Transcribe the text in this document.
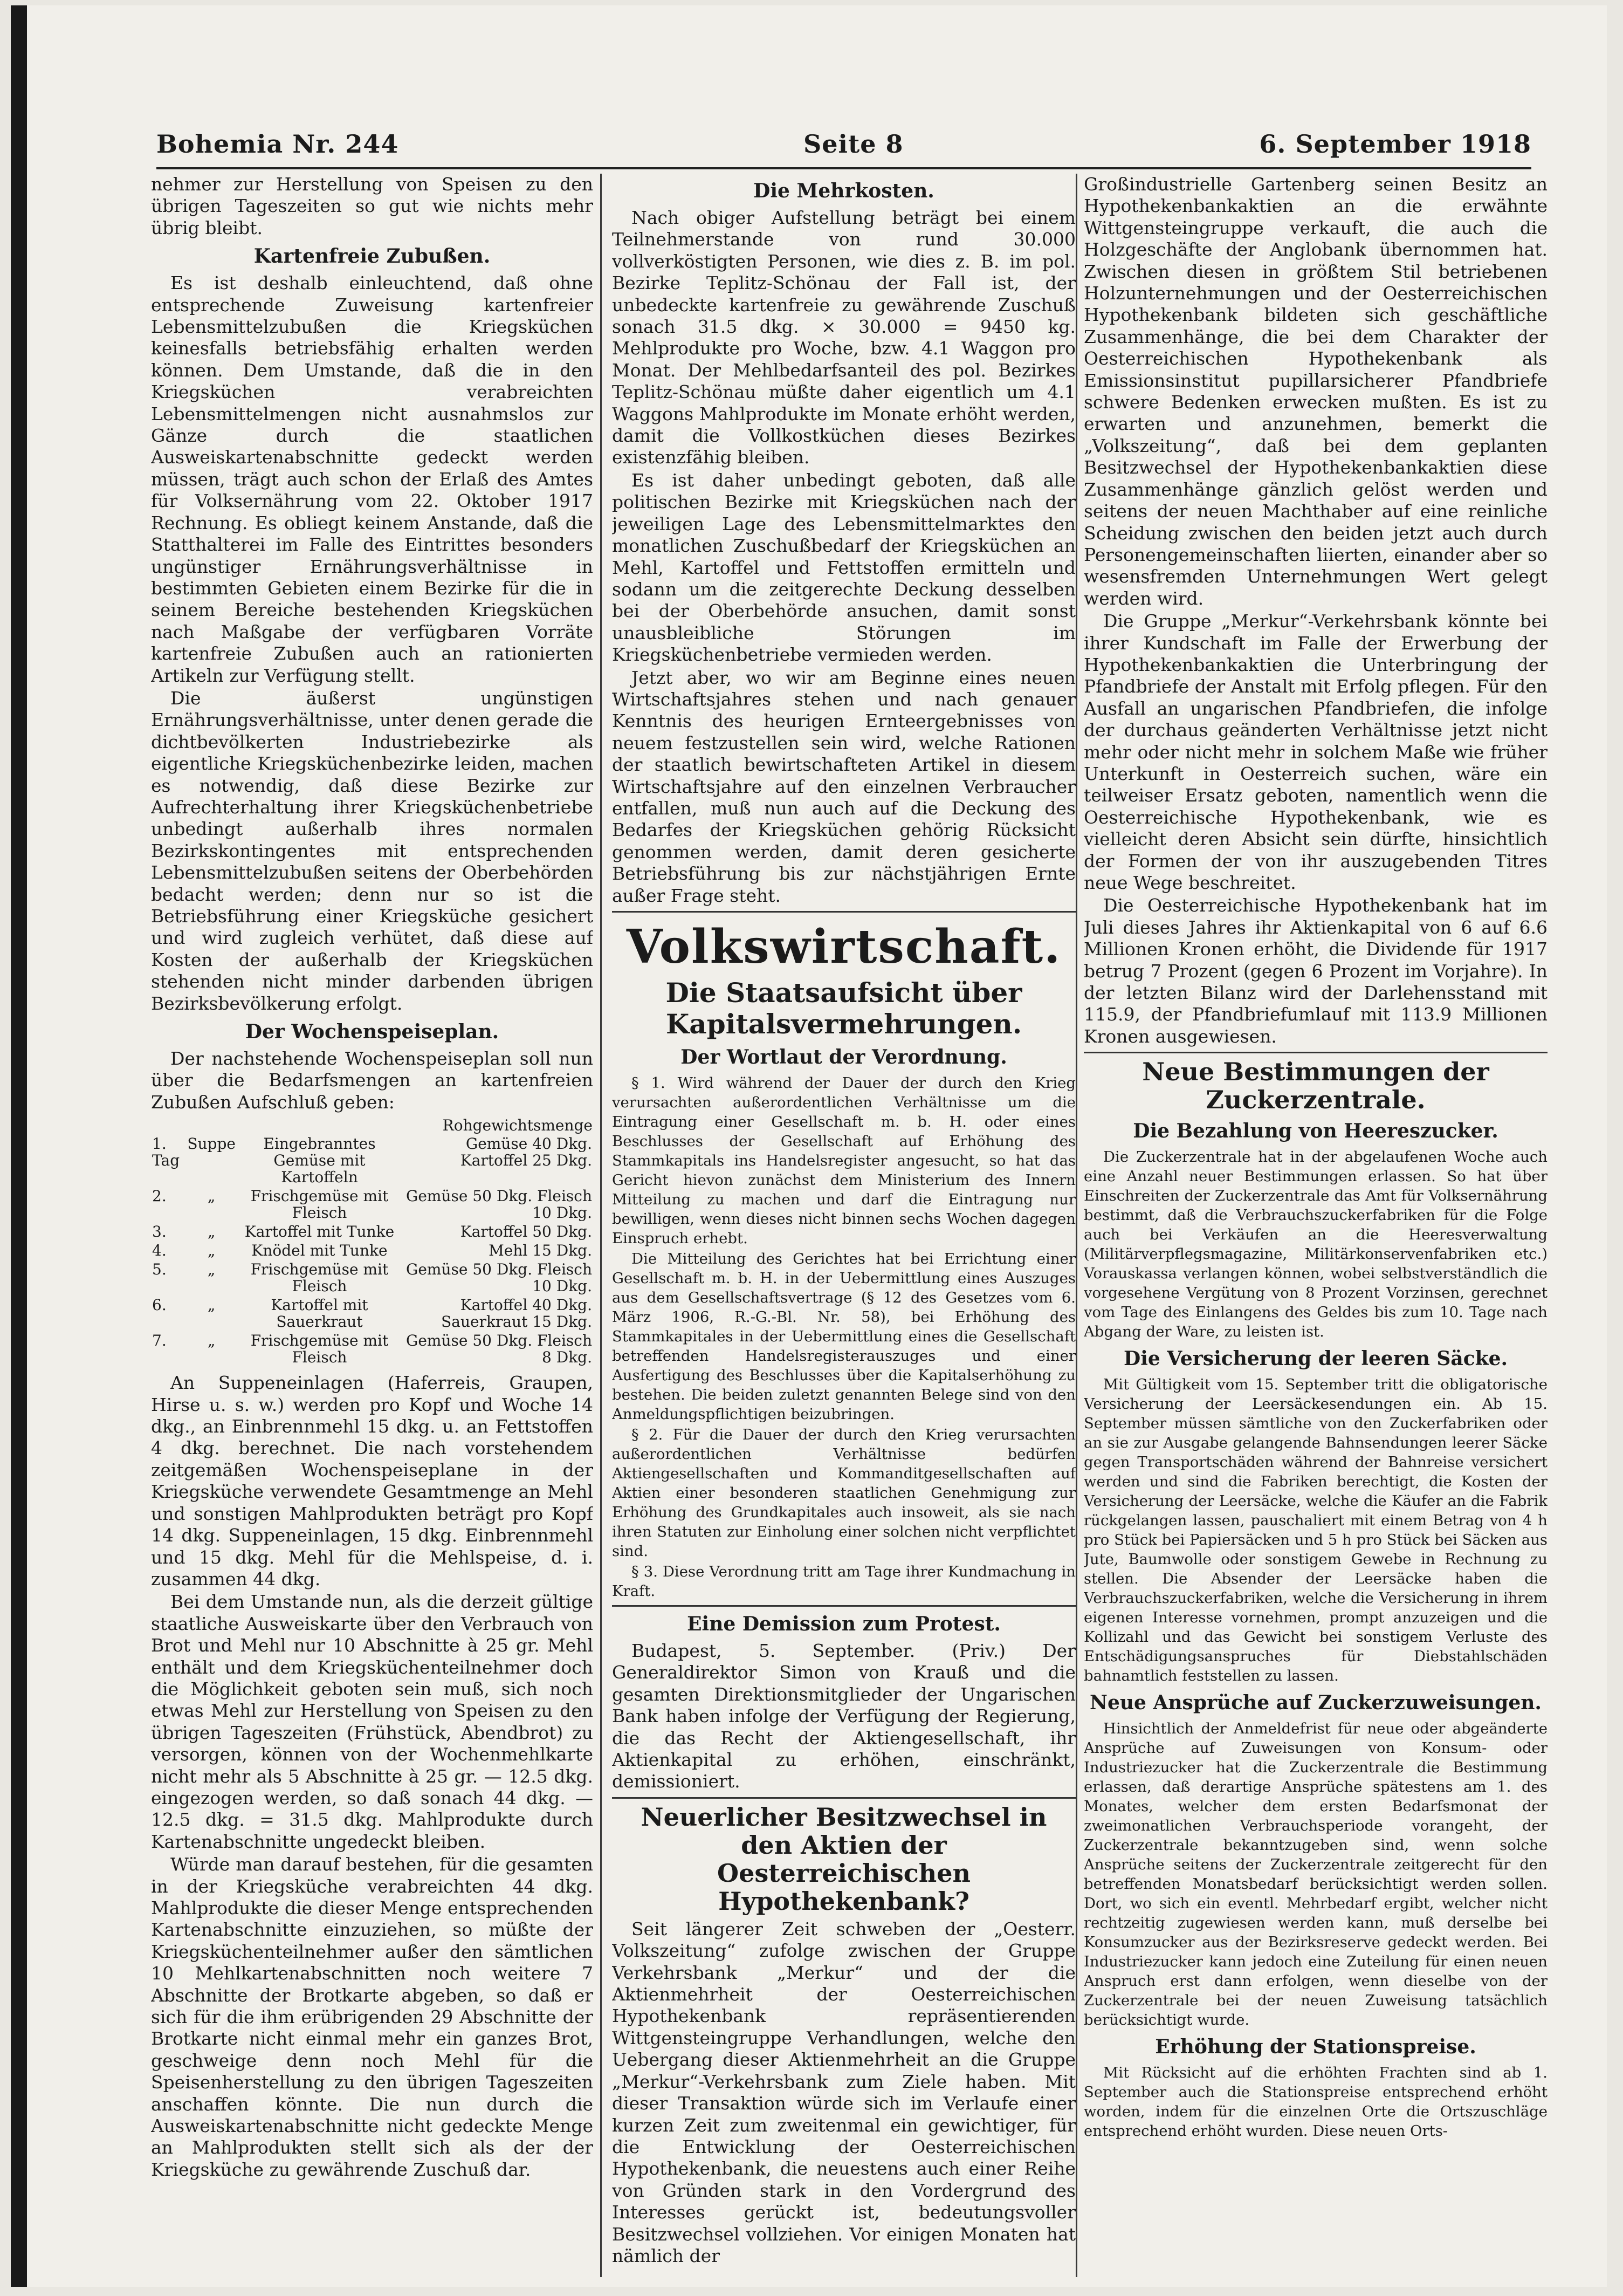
Bohemia Nr. 244	Seite 8	6. September 1918

nehmer zur Herstellung von Speisen zu den übrigen Tageszeiten so gut wie nichts mehr übrig bleibt.

Kartenfreie Zubußen.

Es ist deshalb einleuchtend, daß ohne entsprechende Zuweisung kartenfreier Lebensmittelzubußen die Kriegsküchen keinesfalls betriebsfähig erhalten werden können. Dem Umstande, daß die in den Kriegsküchen verabreichten Lebensmittelmengen nicht ausnahmslos zur Gänze durch die staatlichen Ausweiskartenabschnitte gedeckt werden müssen, trägt auch schon der Erlaß des Amtes für Volksernährung vom 22. Oktober 1917 Rechnung. Es obliegt keinem Anstande, daß die Statthalterei im Falle des Eintrittes besonders ungünstiger Ernährungsverhältnisse in bestimmten Gebieten einem Bezirke für die in seinem Bereiche bestehenden Kriegsküchen nach Maßgabe der verfügbaren Vorräte kartenfreie Zubußen auch an rationierten Artikeln zur Verfügung stellt.

Die äußerst ungünstigen Ernährungsverhältnisse, unter denen gerade die dichtbevölkerten Industriebezirke als eigentliche Kriegsküchenbezirke leiden, machen es notwendig, daß diese Bezirke zur Aufrechterhaltung ihrer Kriegsküchenbetriebe unbedingt außerhalb ihres normalen Bezirkskontingentes mit entsprechenden Lebensmittelzubußen seitens der Oberbehörden bedacht werden; denn nur so ist die Betriebsführung einer Kriegsküche gesichert und wird zugleich verhütet, daß diese auf Kosten der außerhalb der Kriegsküchen stehenden nicht minder darbenden übrigen Bezirksbevölkerung erfolgt.

Der Wochenspeiseplan.

Der nachstehende Wochenspeiseplan soll nun über die Bedarfsmengen an kartenfreien Zubußen Aufschluß geben:

			Rohgewichtsmenge
1. Tag	Suppe	Eingebranntes Gemüse mit Kartoffeln	Gemüse 40 Dkg. Kartoffel 25 Dkg.
2.	„	Frischgemüse mit Fleisch	Gemüse 50 Dkg. Fleisch 10 Dkg.
3.	„	Kartoffel mit Tunke	Kartoffel 50 Dkg.
4.	„	Knödel mit Tunke	Mehl 15 Dkg.
5.	„	Frischgemüse mit Fleisch	Gemüse 50 Dkg. Fleisch 10 Dkg.
6.	„	Kartoffel mit Sauerkraut	Kartoffel 40 Dkg. Sauerkraut 15 Dkg.
7.	„	Frischgemüse mit Fleisch	Gemüse 50 Dkg. Fleisch 8 Dkg.

An Suppeneinlagen (Haferreis, Graupen, Hirse u. s. w.) werden pro Kopf und Woche 14 dkg., an Einbrennmehl 15 dkg. u. an Fettstoffen 4 dkg. berechnet. Die nach vorstehendem zeitgemäßen Wochenspeiseplane in der Kriegsküche verwendete Gesamtmenge an Mehl und sonstigen Mahlprodukten beträgt pro Kopf 14 dkg. Suppeneinlagen, 15 dkg. Einbrennmehl und 15 dkg. Mehl für die Mehlspeise, d. i. zusammen 44 dkg.

Bei dem Umstande nun, als die derzeit gültige staatliche Ausweiskarte über den Verbrauch von Brot und Mehl nur 10 Abschnitte à 25 gr. Mehl enthält und dem Kriegsküchenteilnehmer doch die Möglichkeit geboten sein muß, sich noch etwas Mehl zur Herstellung von Speisen zu den übrigen Tageszeiten (Frühstück, Abendbrot) zu versorgen, können von der Wochenmehlkarte nicht mehr als 5 Abschnitte à 25 gr. — 12.5 dkg. eingezogen werden, so daß sonach 44 dkg. — 12.5 dkg. = 31.5 dkg. Mahlprodukte durch Kartenabschnitte ungedeckt bleiben.

Würde man darauf bestehen, für die gesamten in der Kriegsküche verabreichten 44 dkg. Mahlprodukte die dieser Menge entsprechenden Kartenabschnitte einzuziehen, so müßte der Kriegsküchenteilnehmer außer den sämtlichen 10 Mehlkartenabschnitten noch weitere 7 Abschnitte der Brotkarte abgeben, so daß er sich für die ihm erübrigenden 29 Abschnitte der Brotkarte nicht einmal mehr ein ganzes Brot, geschweige denn noch Mehl für die Speisenherstellung zu den übrigen Tageszeiten anschaffen könnte. Die nun durch die Ausweiskartenabschnitte nicht gedeckte Menge an Mahlprodukten stellt sich als der der Kriegsküche zu gewährende Zuschuß dar.

Die Mehrkosten.

Nach obiger Aufstellung beträgt bei einem Teilnehmerstande von rund 30.000 vollverköstigten Personen, wie dies z. B. im pol. Bezirke Teplitz-Schönau der Fall ist, der unbedeckte kartenfreie zu gewährende Zuschuß sonach 31.5 dkg. × 30.000 = 9450 kg. Mehlprodukte pro Woche, bzw. 4.1 Waggon pro Monat. Der Mehlbedarfsanteil des pol. Bezirkes Teplitz-Schönau müßte daher eigentlich um 4.1 Waggons Mahlprodukte im Monate erhöht werden, damit die Vollkostküchen dieses Bezirkes existenzfähig bleiben.

Es ist daher unbedingt geboten, daß alle politischen Bezirke mit Kriegsküchen nach der jeweiligen Lage des Lebensmittelmarktes den monatlichen Zuschußbedarf der Kriegsküchen an Mehl, Kartoffel und Fettstoffen ermitteln und sodann um die zeitgerechte Deckung desselben bei der Oberbehörde ansuchen, damit sonst unausbleibliche Störungen im Kriegsküchenbetriebe vermieden werden.

Jetzt aber, wo wir am Beginne eines neuen Wirtschaftsjahres stehen und nach genauer Kenntnis des heurigen Ernteergebnisses von neuem festzustellen sein wird, welche Rationen der staatlich bewirtschafteten Artikel in diesem Wirtschaftsjahre auf den einzelnen Verbraucher entfallen, muß nun auch auf die Deckung des Bedarfes der Kriegsküchen gehörig Rücksicht genommen werden, damit deren gesicherte Betriebsführung bis zur nächstjährigen Ernte außer Frage steht.

Volkswirtschaft.
Die Staatsaufsicht über Kapitalsvermehrungen.
Der Wortlaut der Verordnung.

§ 1. Wird während der Dauer der durch den Krieg verursachten außerordentlichen Verhältnisse um die Eintragung einer Gesellschaft m. b. H. oder eines Beschlusses der Gesellschaft auf Erhöhung des Stammkapitals ins Handelsregister angesucht, so hat das Gericht hievon zunächst dem Ministerium des Innern Mitteilung zu machen und darf die Eintragung nur bewilligen, wenn dieses nicht binnen sechs Wochen dagegen Einspruch erhebt.

Die Mitteilung des Gerichtes hat bei Errichtung einer Gesellschaft m. b. H. in der Uebermittlung eines Auszuges aus dem Gesellschaftsvertrage (§ 12 des Gesetzes vom 6. März 1906, R.-G.-Bl. Nr. 58), bei Erhöhung des Stammkapitales in der Uebermittlung eines die Gesellschaft betreffenden Handelsregisterauszuges und einer Ausfertigung des Beschlusses über die Kapitalserhöhung zu bestehen. Die beiden zuletzt genannten Belege sind von den Anmeldungspflichtigen beizubringen.

§ 2. Für die Dauer der durch den Krieg verursachten außerordentlichen Verhältnisse bedürfen Aktiengesellschaften und Kommanditgesellschaften auf Aktien einer besonderen staatlichen Genehmigung zur Erhöhung des Grundkapitales auch insoweit, als sie nach ihren Statuten zur Einholung einer solchen nicht verpflichtet sind.

§ 3. Diese Verordnung tritt am Tage ihrer Kundmachung in Kraft.

Eine Demission zum Protest.

Budapest, 5. September. (Priv.) Der Generaldirektor Simon von Krauß und die gesamten Direktionsmitglieder der Ungarischen Bank haben infolge der Verfügung der Regierung, die das Recht der Aktiengesellschaft, ihr Aktienkapital zu erhöhen, einschränkt, demissioniert.

Neuerlicher Besitzwechsel in den Aktien der Oesterreichischen Hypothekenbank?

Seit längerer Zeit schweben der „Oesterr. Volkszeitung“ zufolge zwischen der Gruppe Verkehrsbank „Merkur“ und der die Aktienmehrheit der Oesterreichischen Hypothekenbank repräsentierenden Wittgensteingruppe Verhandlungen, welche den Uebergang dieser Aktienmehrheit an die Gruppe „Merkur“-Verkehrsbank zum Ziele haben. Mit dieser Transaktion würde sich im Verlaufe einer kurzen Zeit zum zweitenmal ein gewichtiger, für die Entwicklung der Oesterreichischen Hypothekenbank, die neuestens auch einer Reihe von Gründen stark in den Vordergrund des Interesses gerückt ist, bedeutungsvoller Besitzwechsel vollziehen. Vor einigen Monaten hat nämlich der

Großindustrielle Gartenberg seinen Besitz an Hypothekenbankaktien an die erwähnte Wittgensteingruppe verkauft, die auch die Holzgeschäfte der Anglobank übernommen hat. Zwischen diesen in größtem Stil betriebenen Holzunternehmungen und der Oesterreichischen Hypothekenbank bildeten sich geschäftliche Zusammenhänge, die bei dem Charakter der Oesterreichischen Hypothekenbank als Emissionsinstitut pupillarsicherer Pfandbriefe schwere Bedenken erwecken mußten. Es ist zu erwarten und anzunehmen, bemerkt die „Volkszeitung“, daß bei dem geplanten Besitzwechsel der Hypothekenbankaktien diese Zusammenhänge gänzlich gelöst werden und seitens der neuen Machthaber auf eine reinliche Scheidung zwischen den beiden jetzt auch durch Personengemeinschaften liierten, einander aber so wesensfremden Unternehmungen Wert gelegt werden wird.

Die Gruppe „Merkur“-Verkehrsbank könnte bei ihrer Kundschaft im Falle der Erwerbung der Hypothekenbankaktien die Unterbringung der Pfandbriefe der Anstalt mit Erfolg pflegen. Für den Ausfall an ungarischen Pfandbriefen, die infolge der durchaus geänderten Verhältnisse jetzt nicht mehr oder nicht mehr in solchem Maße wie früher Unterkunft in Oesterreich suchen, wäre ein teilweiser Ersatz geboten, namentlich wenn die Oesterreichische Hypothekenbank, wie es vielleicht deren Absicht sein dürfte, hinsichtlich der Formen der von ihr auszugebenden Titres neue Wege beschreitet.

Die Oesterreichische Hypothekenbank hat im Juli dieses Jahres ihr Aktienkapital von 6 auf 6.6 Millionen Kronen erhöht, die Dividende für 1917 betrug 7 Prozent (gegen 6 Prozent im Vorjahre). In der letzten Bilanz wird der Darlehensstand mit 115.9, der Pfandbriefumlauf mit 113.9 Millionen Kronen ausgewiesen.

Neue Bestimmungen der Zuckerzentrale.
Die Bezahlung von Heereszucker.

Die Zuckerzentrale hat in der abgelaufenen Woche auch eine Anzahl neuer Bestimmungen erlassen. So hat über Einschreiten der Zuckerzentrale das Amt für Volksernährung bestimmt, daß die Verbrauchszuckerfabriken für die Folge auch bei Verkäufen an die Heeresverwaltung (Militärverpflegsmagazine, Militärkonservenfabriken etc.) Vorauskassa verlangen können, wobei selbstverständlich die vorgesehene Vergütung von 8 Prozent Vorzinsen, gerechnet vom Tage des Einlangens des Geldes bis zum 10. Tage nach Abgang der Ware, zu leisten ist.

Die Versicherung der leeren Säcke.

Mit Gültigkeit vom 15. September tritt die obligatorische Versicherung der Leersäckesendungen ein. Ab 15. September müssen sämtliche von den Zuckerfabriken oder an sie zur Ausgabe gelangende Bahnsendungen leerer Säcke gegen Transportschäden während der Bahnreise versichert werden und sind die Fabriken berechtigt, die Kosten der Versicherung der Leersäcke, welche die Käufer an die Fabrik rückgelangen lassen, pauschaliert mit einem Betrag von 4 h pro Stück bei Papiersäcken und 5 h pro Stück bei Säcken aus Jute, Baumwolle oder sonstigem Gewebe in Rechnung zu stellen. Die Absender der Leersäcke haben die Verbrauchszuckerfabriken, welche die Versicherung in ihrem eigenen Interesse vornehmen, prompt anzuzeigen und die Kollizahl und das Gewicht bei sonstigem Verluste des Entschädigungsanspruches für Diebstahlschäden bahnamtlich feststellen zu lassen.

Neue Ansprüche auf Zuckerzuweisungen.

Hinsichtlich der Anmeldefrist für neue oder abgeänderte Ansprüche auf Zuweisungen von Konsum- oder Industriezucker hat die Zuckerzentrale die Bestimmung erlassen, daß derartige Ansprüche spätestens am 1. des Monates, welcher dem ersten Bedarfsmonat der zweimonatlichen Verbrauchsperiode vorangeht, der Zuckerzentrale bekanntzugeben sind, wenn solche Ansprüche seitens der Zuckerzentrale zeitgerecht für den betreffenden Monatsbedarf berücksichtigt werden sollen. Dort, wo sich ein eventl. Mehrbedarf ergibt, welcher nicht rechtzeitig zugewiesen werden kann, muß derselbe bei Konsumzucker aus der Bezirksreserve gedeckt werden. Bei Industriezucker kann jedoch eine Zuteilung für einen neuen Anspruch erst dann erfolgen, wenn dieselbe von der Zuckerzentrale bei der neuen Zuweisung tatsächlich berücksichtigt wurde.

Erhöhung der Stationspreise.

Mit Rücksicht auf die erhöhten Frachten sind ab 1. September auch die Stationspreise entsprechend erhöht worden, indem für die einzelnen Orte die Ortszuschläge entsprechend erhöht wurden. Diese neuen Orts-
